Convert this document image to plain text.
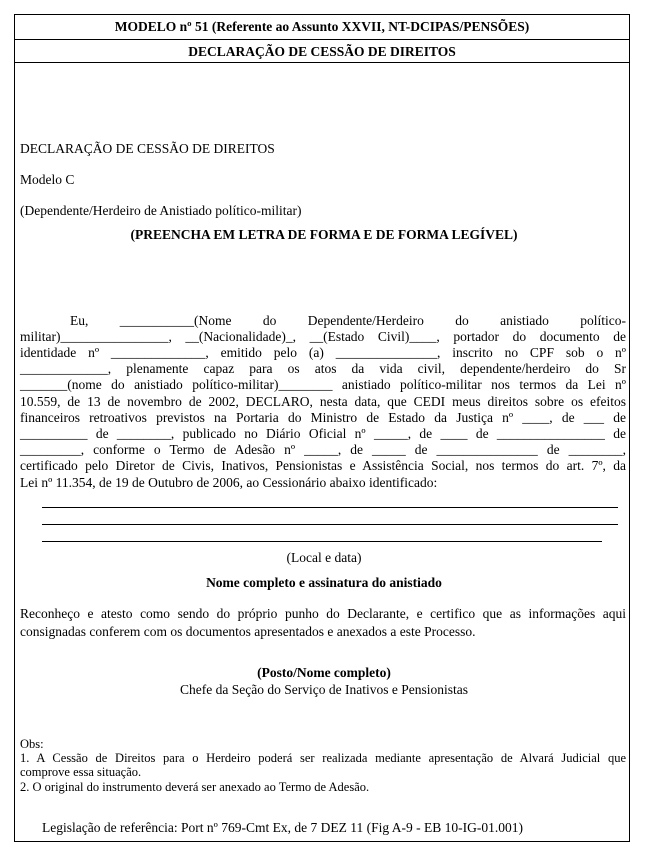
MODELO nº 51 (Referente ao Assunto XXVII, NT-DCIPAS/PENSÕES)
DECLARAÇÃO DE CESSÃO DE DIREITOS
DECLARAÇÃO DE CESSÃO DE DIREITOS
Modelo C
(Dependente/Herdeiro de Anistiado político-militar)
(PREENCHA EM LETRA DE FORMA E DE FORMA LEGÍVEL)
Eu, ___________(Nome do Dependente/Herdeiro do anistiado político-
militar)________________, __(Nacionalidade)_, __(Estado Civil)____, portador do documento de
identidade nº ______________, emitido pelo (a) _______________, inscrito no CPF sob o nº
_____________, plenamente capaz para os atos da vida civil, dependente/herdeiro do Sr
_______(nome do anistiado político-militar)________ anistiado político-militar nos termos da Lei nº
10.559, de 13 de novembro de 2002, DECLARO, nesta data, que CEDI meus direitos sobre os efeitos
financeiros retroativos previstos na Portaria do Ministro de Estado da Justiça nº ____, de ___ de
__________ de ________, publicado no Diário Oficial nº _____, de ____ de ________________ de
_________, conforme o Termo de Adesão nº _____, de _____ de _______________ de ________,
certificado pelo Diretor de Civis, Inativos, Pensionistas e Assistência Social, nos termos do art. 7º, da
Lei nº 11.354, de 19 de Outubro de 2006, ao Cessionário abaixo identificado:
(Local e data)
Nome completo e assinatura do anistiado
Reconheço e atesto como sendo do próprio punho do Declarante, e certifico que as informações aqui
consignadas conferem com os documentos apresentados e anexados a este Processo.
(Posto/Nome completo)
Chefe da Seção do Serviço de Inativos e Pensionistas
Obs:
1. A Cessão de Direitos para o Herdeiro poderá ser realizada mediante apresentação de Alvará Judicial que
comprove essa situação.
2. O original do instrumento deverá ser anexado ao Termo de Adesão.
Legislação de referência: Port nº 769-Cmt Ex, de 7 DEZ 11 (Fig A-9 - EB 10-IG-01.001)
